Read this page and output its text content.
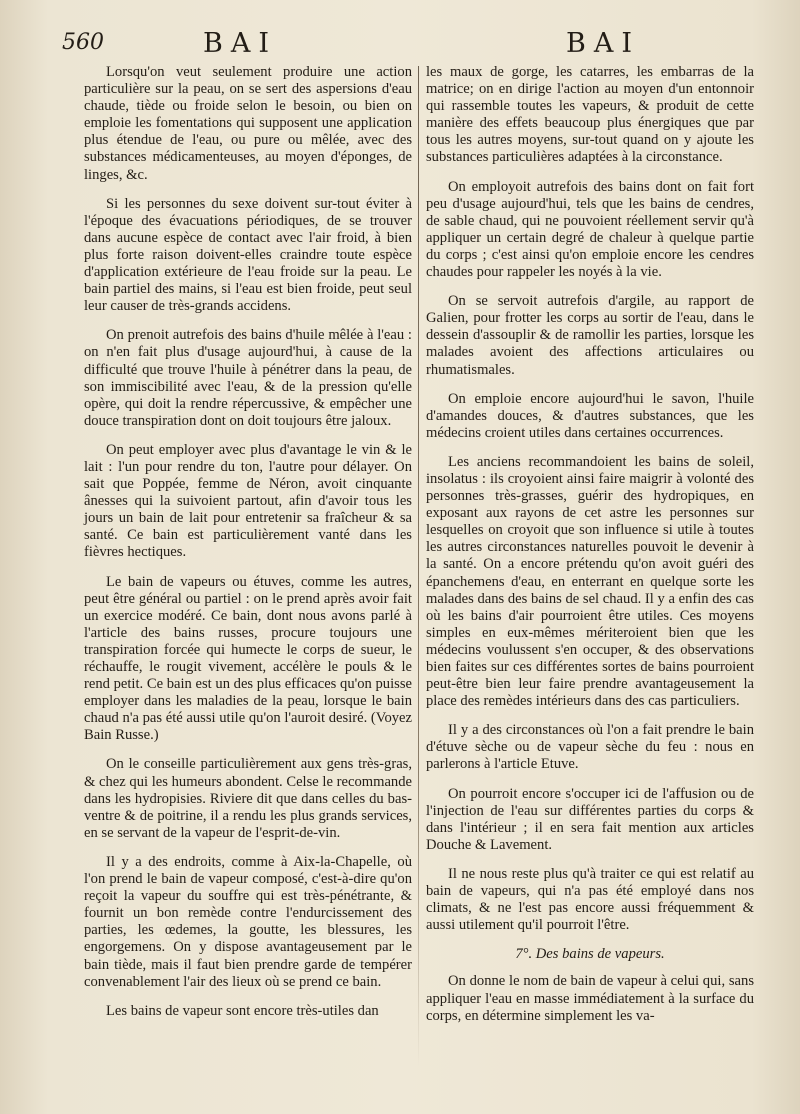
560	BAI	BAI

Lorsqu'on veut seulement produire une action particulière sur la peau, on se sert des aspersions d'eau chaude, tiède ou froide selon le besoin, ou bien on emploie les fomentations qui supposent une application plus étendue de l'eau, ou pure ou mêlée, avec des substances médicamenteuses, au moyen d'éponges, de linges, &c.

Si les personnes du sexe doivent sur-tout éviter à l'époque des évacuations périodiques, de se trouver dans aucune espèce de contact avec l'air froid, à bien plus forte raison doivent-elles craindre toute espèce d'application extérieure de l'eau froide sur la peau. Le bain partiel des mains, si l'eau est bien froide, peut seul leur causer de très-grands accidens.

On prenoit autrefois des bains d'huile mêlée à l'eau : on n'en fait plus d'usage aujourd'hui, à cause de la difficulté que trouve l'huile à pénétrer dans la peau, de son immiscibilité avec l'eau, & de la pression qu'elle opère, qui doit la rendre répercussive, & empêcher une douce transpiration dont on doit toujours être jaloux.

On peut employer avec plus d'avantage le vin & le lait : l'un pour rendre du ton, l'autre pour délayer. On sait que Poppée, femme de Néron, avoit cinquante ânesses qui la suivoient partout, afin d'avoir tous les jours un bain de lait pour entretenir sa fraîcheur & sa santé. Ce bain est particulièrement vanté dans les fièvres hectiques.

Le bain de vapeurs ou étuves, comme les autres, peut être général ou partiel : on le prend après avoir fait un exercice modéré. Ce bain, dont nous avons parlé à l'article des bains russes, procure toujours une transpiration forcée qui humecte le corps de sueur, le réchauffe, le rougit vivement, accélère le pouls & le rend petit. Ce bain est un des plus efficaces qu'on puisse employer dans les maladies de la peau, lorsque le bain chaud n'a pas été aussi utile qu'on l'auroit desiré. (Voyez Bain Russe.)

On le conseille particulièrement aux gens très-gras, & chez qui les humeurs abondent. Celse le recommande dans les hydropisies. Riviere dit que dans celles du bas-ventre & de poitrine, il a rendu les plus grands services, en se servant de la vapeur de l'esprit-de-vin.

Il y a des endroits, comme à Aix-la-Chapelle, où l'on prend le bain de vapeur composé, c'est-à-dire qu'on reçoit la vapeur du souffre qui est très-pénétrante, & fournit un bon remède contre l'endurcissement des parties, les œdemes, la goutte, les blessures, les engorgemens. On y dispose avantageusement par le bain tiède, mais il faut bien prendre garde de tempérer convenablement l'air des lieux où se prend ce bain.

Les bains de vapeur sont encore très-utiles dan

les maux de gorge, les catarres, les embarras de la matrice; on en dirige l'action au moyen d'un entonnoir qui rassemble toutes les vapeurs, & produit de cette manière des effets beaucoup plus énergiques que par tous les autres moyens, sur-tout quand on y ajoute les substances particulières adaptées à la circonstance.

On employoit autrefois des bains dont on fait fort peu d'usage aujourd'hui, tels que les bains de cendres, de sable chaud, qui ne pouvoient réellement servir qu'à appliquer un certain degré de chaleur à quelque partie du corps ; c'est ainsi qu'on emploie encore les cendres chaudes pour rappeler les noyés à la vie.

On se servoit autrefois d'argile, au rapport de Galien, pour frotter les corps au sortir de l'eau, dans le dessein d'assouplir & de ramollir les parties, lorsque les malades avoient des affections articulaires ou rhumatismales.

On emploie encore aujourd'hui le savon, l'huile d'amandes douces, & d'autres substances, que les médecins croient utiles dans certaines occurrences.

Les anciens recommandoient les bains de soleil, insolatus : ils croyoient ainsi faire maigrir à volonté des personnes très-grasses, guérir des hydropiques, en exposant aux rayons de cet astre les personnes sur lesquelles on croyoit que son influence si utile à toutes les autres circonstances naturelles pouvoit le devenir à la santé. On a encore prétendu qu'on avoit guéri des épanchemens d'eau, en enterrant en quelque sorte les malades dans des bains de sel chaud. Il y a enfin des cas où les bains d'air pourroient être utiles. Ces moyens simples en eux-mêmes mériteroient bien que les médecins voulussent s'en occuper, & des observations bien faites sur ces différentes sortes de bains pourroient peut-être bien leur faire prendre avantageusement la place des remèdes intérieurs dans des cas particuliers.

Il y a des circonstances où l'on a fait prendre le bain d'étuve sèche ou de vapeur sèche du feu : nous en parlerons à l'article Etuve.

On pourroit encore s'occuper ici de l'affusion ou de l'injection de l'eau sur différentes parties du corps & dans l'intérieur ; il en sera fait mention aux articles Douche & Lavement.

Il ne nous reste plus qu'à traiter ce qui est relatif au bain de vapeurs, qui n'a pas été employé dans nos climats, & ne l'est pas encore aussi fréquemment & aussi utilement qu'il pourroit l'être.

7°. Des bains de vapeurs.

On donne le nom de bain de vapeur à celui qui, sans appliquer l'eau en masse immédiatement à la surface du corps, en détermine simplement les va-
